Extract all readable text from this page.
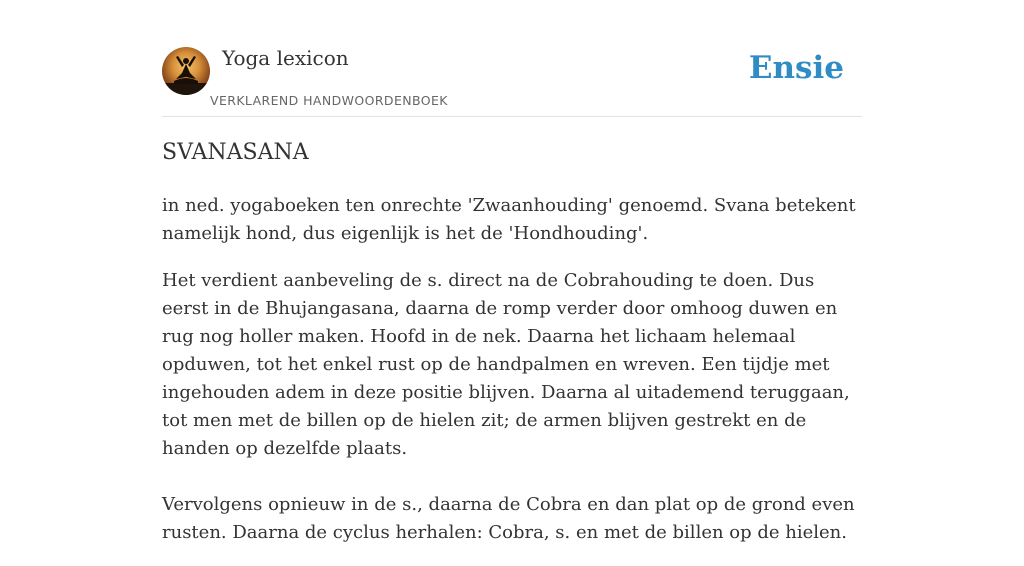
Yoga lexicon
VERKLAREND HANDWOORDENBOEK
Ensie
SVANASANA

in ned. yogaboeken ten onrechte 'Zwaanhouding' genoemd. Svana betekent namelijk hond, dus eigenlijk is het de 'Hondhouding'.

Het verdient aanbeveling de s. direct na de Cobrahouding te doen. Dus eerst in de Bhujangasana, daarna de romp verder door omhoog duwen en rug nog holler maken. Hoofd in de nek. Daarna het lichaam helemaal opduwen, tot het enkel rust op de handpalmen en wreven. Een tijdje met ingehouden adem in deze positie blijven. Daarna al uitademend teruggaan, tot men met de billen op de hielen zit; de armen blijven gestrekt en de handen op dezelfde plaats.

Vervolgens opnieuw in de s., daarna de Cobra en dan plat op de grond even rusten. Daarna de cyclus herhalen: Cobra, s. en met de billen op de hielen.
